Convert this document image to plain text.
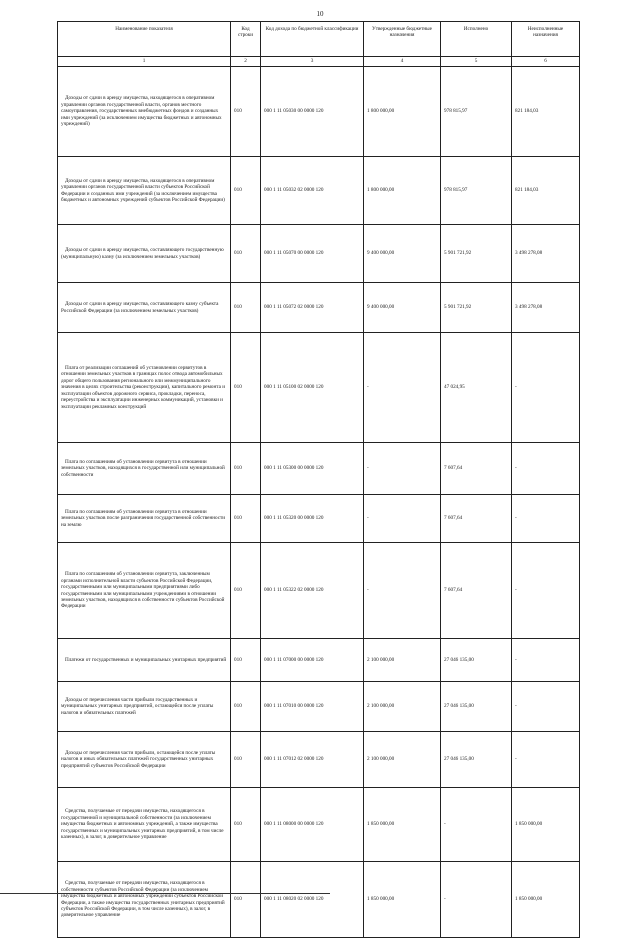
10
Наименование показателя	Код строки	Код дохода по бюджетной классификации	Утвержденные бюджетные назначения	Исполнено	Неисполненные назначения
1	2	3	4	5	6

Доходы от сдачи в аренду имущества, находящегося в оперативном управлении органов государственной власти, органов местного самоуправления, государственных внебюджетных фондов и созданных ими учреждений (за исключением имущества бюджетных и автономных учреждений)	010	000 1 11 05030 00 0000 120	1 800 000,00	978 815,97	821 184,03

Доходы от сдачи в аренду имущества, находящегося в оперативном управлении органов государственной власти субъектов Российской Федерации и созданных ими учреждений (за исключением имущества бюджетных и автономных учреждений субъектов Российской Федерации)	010	000 1 11 05032 02 0000 120	1 800 000,00	978 815,97	821 184,03

Доходы от сдачи в аренду имущества, составляющего государственную (муниципальную) казну (за исключением земельных участков)	010	000 1 11 05070 00 0000 120	9 400 000,00	5 901 721,92	3 498 278,08

Доходы от сдачи в аренду имущества, составляющего казну субъекта Российской Федерации (за исключением земельных участков)	010	000 1 11 05072 02 0000 120	9 400 000,00	5 901 721,92	3 498 278,08

Плата от реализации соглашений об установлении сервитутов в отношении земельных участков в границах полос отвода автомобильных дорог общего пользования регионального или межмуниципального значения в целях строительства (реконструкции), капитального ремонта и эксплуатации объектов дорожного сервиса, прокладки, переноса, переустройства и эксплуатации инженерных коммуникаций, установки и эксплуатации рекламных конструкций	010	000 1 11 05100 02 0000 120	-	47 024,95	-

Плата по соглашениям об установлении сервитута в отношении земельных участков, находящихся в государственной или муниципальной собственности	010	000 1 11 05300 00 0000 120	-	7 607,64	-

Плата по соглашениям об установлении сервитута в отношении земельных участков после разграничения государственной собственности на землю	010	000 1 11 05320 00 0000 120	-	7 607,64	-

Плата по соглашениям об установлении сервитута, заключенным органами исполнительной власти субъектов Российской Федерации, государственными или муниципальными предприятиями либо государственными или муниципальными учреждениями в отношении земельных участков, находящихся в собственности субъектов Российской Федерации	010	000 1 11 05322 02 0000 120	-	7 607,64	-

Платежи от государственных и муниципальных унитарных предприятий	010	000 1 11 07000 00 0000 120	2 100 000,00	27 046 135,00	-

Доходы от перечисления части прибыли государственных и муниципальных унитарных предприятий, остающейся после уплаты налогов и обязательных платежей	010	000 1 11 07010 00 0000 120	2 100 000,00	27 046 135,00	-

Доходы от перечисления части прибыли, остающейся после уплаты налогов и иных обязательных платежей государственных унитарных предприятий субъектов Российской Федерации	010	000 1 11 07012 02 0000 120	2 100 000,00	27 046 135,00	-

Средства, получаемые от передачи имущества, находящегося в государственной и муниципальной собственности (за исключением имущества бюджетных и автономных учреждений, а также имущества государственных и муниципальных унитарных предприятий, в том числе казенных), в залог, в доверительное управление	010	000 1 11 08000 00 0000 120	1 850 000,00	-	1 850 000,00

Средства, получаемые от передачи имущества, находящегося в собственности субъектов Российской Федерации (за исключением имущества бюджетных и автономных учреждений субъектов Российской Федерации, а также имущества государственных унитарных предприятий субъектов Российской Федерации, в том числе казенных), в залог, в доверительное управление	010	000 1 11 08020 02 0000 120	1 850 000,00	-	1 850 000,00
